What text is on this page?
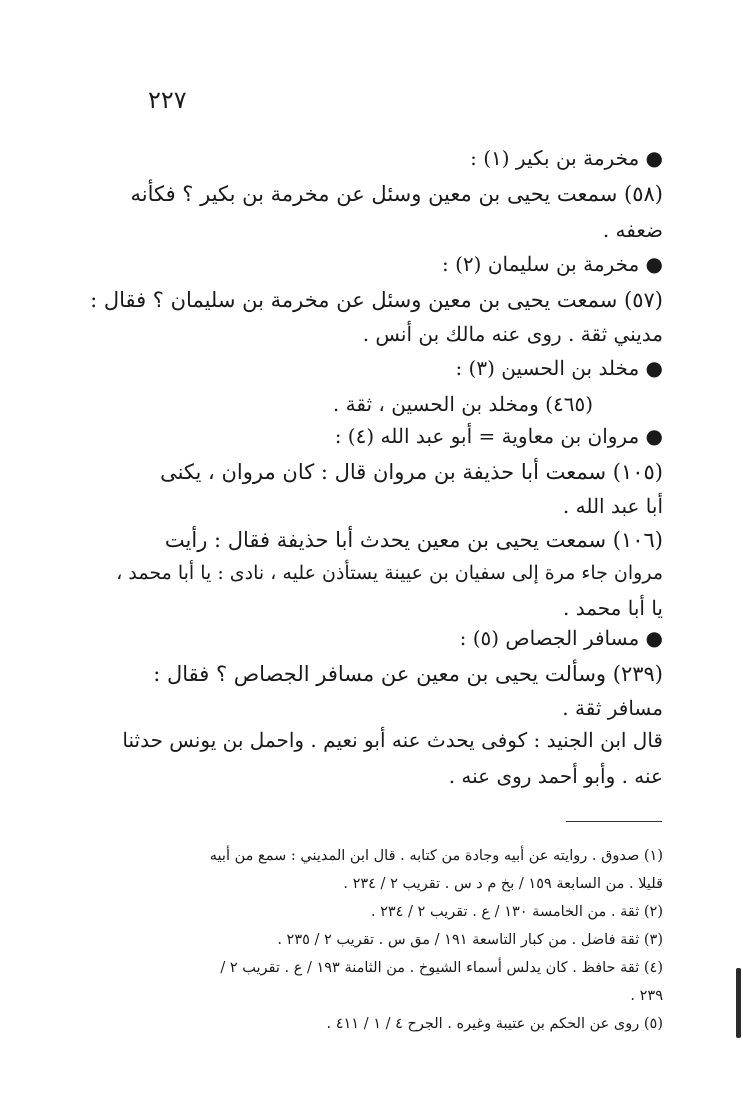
٢٢٧
● مخرمة بن بكير (١) :
(٥٨) سمعت يحيى بن معين وسئل عن مخرمة بن بكير ؟ فكأنه
ضعفه .
● مخرمة بن سليمان (٢) :
(٥٧) سمعت يحيى بن معين وسئل عن مخرمة بن سليمان ؟ فقال :
مديني ثقة . روى عنه مالك بن أنس .
● مخلد بن الحسين (٣) :
(٤٦٥) ومخلد بن الحسين ، ثقة .
● مروان بن معاوية = أبو عبد الله (٤) :
(١٠٥) سمعت أبا حذيفة بن مروان قال : كان مروان ، يكنى
أبا عبد الله .
(١٠٦) سمعت يحيى بن معين يحدث أبا حذيفة فقال : رأيت
مروان جاء مرة إلى سفيان بن عيينة يستأذن عليه ، نادى : يا أبا محمد ،
يا أبا محمد .
● مسافر الجصاص (٥) :
(٢٣٩) وسألت يحيى بن معين عن مسافر الجصاص ؟ فقال :
مسافر ثقة .
قال ابن الجنيد : كوفى يحدث عنه أبو نعيم . واحمل بن يونس حدثنا
عنه . وأبو أحمد روى عنه .
(١) صدوق . روايته عن أبيه وجادة من كتابه . قال ابن المديني : سمع من أبيه
قليلا . من السابعة ١٥٩ / بخ م د س . تقريب ٢ / ٢٣٤ .
(٢) ثقة . من الخامسة ١٣٠ / ع . تقريب ٢ / ٢٣٤ .
(٣) ثقة فاضل . من كبار التاسعة ١٩١ / مق س . تقريب ٢ / ٢٣٥ .
(٤) ثقة حافظ . كان يدلس أسماء الشيوخ . من الثامنة ١٩٣ / ع . تقريب ٢ /
٢٣٩ .
(٥) روى عن الحكم بن عتيبة وغيره . الجرح ٤ / ١ / ٤١١ .
